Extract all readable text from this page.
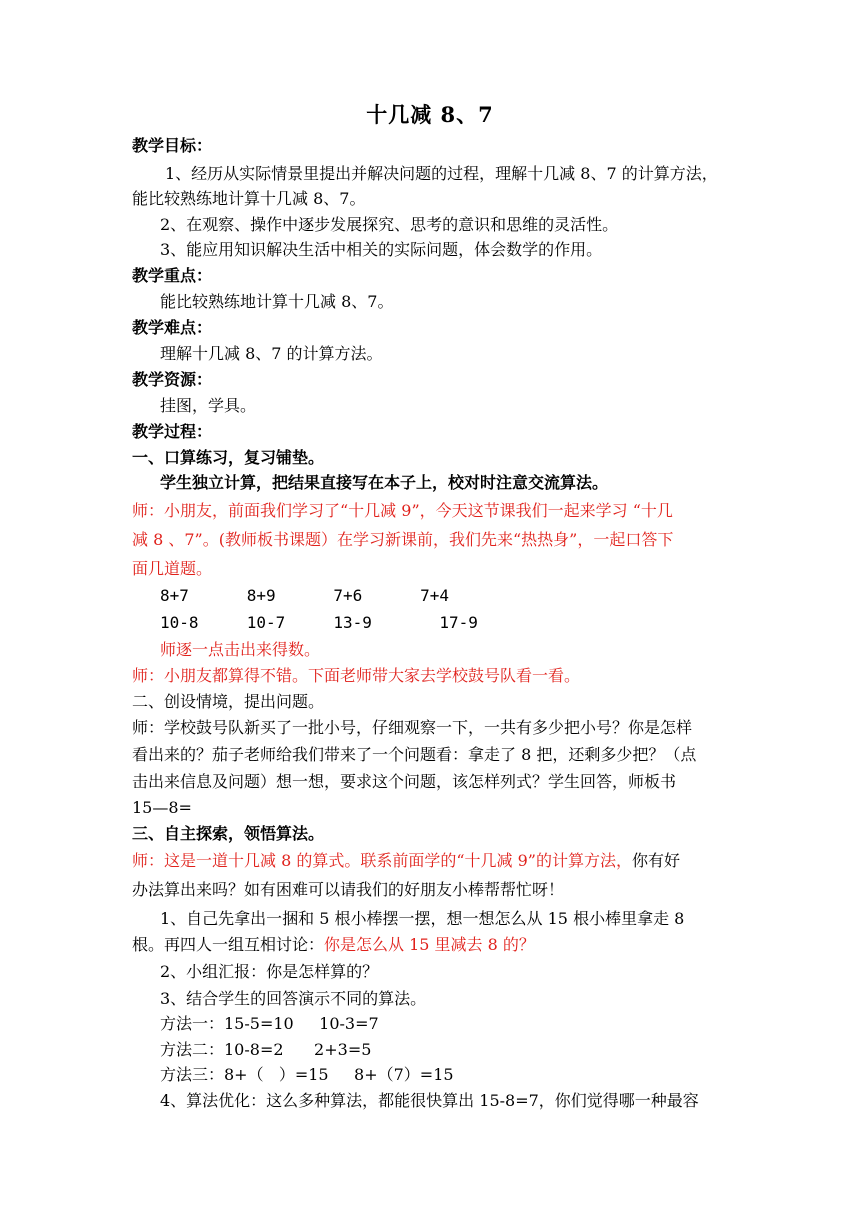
十几减 8、7
教学目标：
1、经历从实际情景里提出并解决问题的过程，理解十几减 8、7 的计算方法，
能比较熟练地计算十几减 8、7。
2、在观察、操作中逐步发展探究、思考的意识和思维的灵活性。
3、能应用知识解决生活中相关的实际问题，体会数学的作用。
教学重点：
能比较熟练地计算十几减 8、7。
教学难点：
理解十几减 8、7 的计算方法。
教学资源：
挂图，学具。
教学过程：
一、口算练习，复习铺垫。
学生独立计算，把结果直接写在本子上，校对时注意交流算法。
师：小朋友，前面我们学习了“十几减 9”，今天这节课我们一起来学习 “十几
减 8 、7”。(教师板书课题）在学习新课前，我们先来“热热身”，一起口答下
面几道题。
8+7      8+9      7+6      7+4
10-8     10-7     13-9       17-9
师逐一点击出来得数。
师：小朋友都算得不错。下面老师带大家去学校鼓号队看一看。
二、创设情境，提出问题。
师：学校鼓号队新买了一批小号，仔细观察一下，一共有多少把小号？你是怎样
看出来的？茄子老师给我们带来了一个问题看：拿走了 8 把，还剩多少把？（点
击出来信息及问题）想一想，要求这个问题，该怎样列式？学生回答，师板书
15—8=
三、自主探索，领悟算法。
师：这是一道十几减 8 的算式。联系前面学的“十几减 9”的计算方法，你有好
办法算出来吗？如有困难可以请我们的好朋友小棒帮帮忙呀！
1、自己先拿出一捆和 5 根小棒摆一摆，想一想怎么从 15 根小棒里拿走 8
根。再四人一组互相讨论：你是怎么从 15 里减去 8 的？
2、小组汇报：你是怎样算的？
3、结合学生的回答演示不同的算法。
方法一：15-5=10     10-3=7
方法二：10-8=2      2+3=5
方法三：8+（   ）=15     8+（7）=15
4、算法优化：这么多种算法，都能很快算出 15-8=7，你们觉得哪一种最容
